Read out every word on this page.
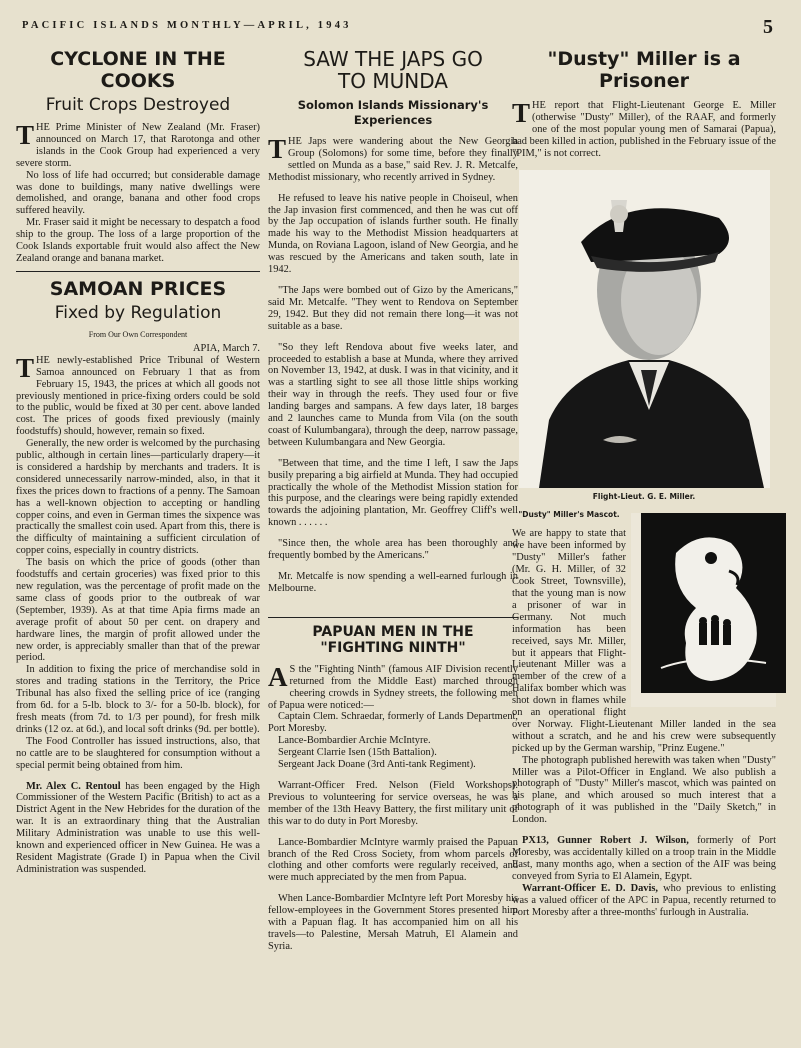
PACIFIC ISLANDS MONTHLY—APRIL, 1943	5
CYCLONE IN THE
COOKS
Fruit Crops Destroyed

THE Prime Minister of New Zealand (Mr. Fraser) announced on March 17, that Rarotonga and other islands in the Cook Group had experienced a very severe storm.

No loss of life had occurred; but considerable damage was done to buildings, many native dwellings were demolished, and orange, banana and other food crops suffered heavily.

Mr. Fraser said it might be necessary to despatch a food ship to the group. The loss of a large proportion of the Cook Islands exportable fruit would also affect the New Zealand orange and banana market.

SAMOAN PRICES
Fixed by Regulation
From Our Own Correspondent
APIA, March 7.

THE newly-established Price Tribunal of Western Samoa announced on February 1 that as from February 15, 1943, the prices at which all goods not previously mentioned in price-fixing orders could be sold to the public, would be fixed at 30 per cent. above landed cost. The prices of goods fixed previously (mainly foodstuffs) should, however, remain so fixed.

Generally, the new order is welcomed by the purchasing public, although in certain lines—particularly drapery—it is considered a hardship by merchants and traders. It is considered unnecessarily narrow-minded, also, in that it fixes the prices down to fractions of a penny. The Samoan has a well-known objection to accepting or handling copper coins, and even in German times the sixpence was practically the smallest coin used. Apart from this, there is the difficulty of maintaining a sufficient circulation of copper coins, especially in country districts.

The basis on which the price of goods (other than foodstuffs and certain groceries) was fixed prior to this new regulation, was the percentage of profit made on the same class of goods prior to the outbreak of war (September, 1939). As at that time Apia firms made an average profit of about 50 per cent. on drapery and hardware lines, the margin of profit allowed under the new order, is appreciably smaller than that of the prewar period.

In addition to fixing the price of merchandise sold in stores and trading stations in the Territory, the Price Tribunal has also fixed the selling price of ice (ranging from 6d. for a 5-lb. block to 3/- for a 50-lb. block), for fresh meats (from 7d. to 1/3 per pound), for fresh milk drinks (12 oz. at 6d.), and local soft drinks (9d. per bottle).

The Food Controller has issued instructions, also, that no cattle are to be slaughtered for consumption without a special permit being obtained from him.

Mr. Alex C. Rentoul has been engaged by the High Commissioner of the Western Pacific (British) to act as a District Agent in the New Hebrides for the duration of the war. It is an extraordinary thing that the Australian Military Administration was unable to use this well-known and experienced officer in New Guinea. He was a Resident Magistrate (Grade I) in Papua when the Civil Administration was suspended.

SAW THE JAPS GO
TO MUNDA
Solomon Islands Missionary's Experiences

THE Japs were wandering about the New Georgia Group (Solomons) for some time, before they finally settled on Munda as a base," said Rev. J. R. Metcalfe, Methodist missionary, who recently arrived in Sydney.

He refused to leave his native people in Choiseul, when the Jap invasion first commenced, and then he was cut off by the Jap occupation of islands further south. He finally made his way to the Methodist Mission headquarters at Munda, on Roviana Lagoon, island of New Georgia, and he was rescued by the Americans and taken south, late in 1942.

"The Japs were bombed out of Gizo by the Americans," said Mr. Metcalfe. "They went to Rendova on September 29, 1942. But they did not remain there long—it was not suitable as a base.

"So they left Rendova about five weeks later, and proceeded to establish a base at Munda, where they arrived on November 13, 1942, at dusk. I was in that vicinity, and it was a startling sight to see all those little ships working their way in through the reefs. They used four or five landing barges and sampans. A few days later, 18 barges and 2 launches came to Munda from Vila (on the south coast of Kulumbangara), through the deep, narrow passage, between Kulumbangara and New Georgia.

"Between that time, and the time I left, I saw the Japs busily preparing a big airfield at Munda. They had occupied practically the whole of the Methodist Mission station for this purpose, and the clearings were being rapidly extended towards the adjoining plantation, Mr. Geoffrey Cliff's well known . . . . . .

"Since then, the whole area has been thoroughly and frequently bombed by the Americans."

Mr. Metcalfe is now spending a well-earned furlough in Melbourne.

PAPUAN MEN IN THE
"FIGHTING NINTH"

A S the "Fighting Ninth" (famous AIF Division recently returned from the Middle East) marched through cheering crowds in Sydney streets, the following men of Papua were noticed:—

Captain Clem. Schraedar, formerly of Lands Department, Port Moresby.

Lance-Bombardier Archie McIntyre.

Sergeant Clarrie Isen (15th Battalion).

Sergeant Jack Doane (3rd Anti-tank Regiment).

Warrant-Officer Fred. Nelson (Field Workshops). Previous to volunteering for service overseas, he was a member of the 13th Heavy Battery, the first military unit of this war to do duty in Port Moresby.

Lance-Bombardier McIntyre warmly praised the Papuan branch of the Red Cross Society, from whom parcels of clothing and other comforts were regularly received, and were much appreciated by the men from Papua.

When Lance-Bombardier McIntyre left Port Moresby his fellow-employees in the Government Stores presented him with a Papuan flag. It has accompanied him on all his travels—to Palestine, Mersah Matruh, El Alamein and Syria.

"Dusty" Miller is a
Prisoner

THE report that Flight-Lieutenant George E. Miller (otherwise "Dusty" Miller), of the RAAF, and formerly one of the most popular young men of Samarai (Papua), had been killed in action, published in the February issue of the "PIM," is not correct.

Flight-Lieut. G. E. Miller.

"Dusty" Miller's Mascot.
We are happy to state that we have been informed by "Dusty" Miller's father (Mr. G. H. Miller, of 32 Cook Street, Townsville), that the young man is now a prisoner of war in Germany. Not much information has been received, says Mr. Miller, but it appears that Flight-Lieutenant Miller was a member of the crew of a Halifax bomber which was shot down in flames while on an operational flight over Norway. Flight-Lieutenant Miller landed in the sea without a scratch, and he and his crew were subsequently picked up by the German warship, "Prinz Eugene."

The photograph published herewith was taken when "Dusty" Miller was a Pilot-Officer in England. We also publish a photograph of "Dusty" Miller's mascot, which was painted on his plane, and which aroused so much interest that a photograph of it was published in the "Daily Sketch," in London.

PX13, Gunner Robert J. Wilson, formerly of Port Moresby, was accidentally killed on a troop train in the Middle East, many months ago, when a section of the AIF was being conveyed from Syria to El Alamein, Egypt.

Warrant-Officer E. D. Davis, who previous to enlisting was a valued officer of the APC in Papua, recently returned to Port Moresby after a three-months' furlough in Australia.
